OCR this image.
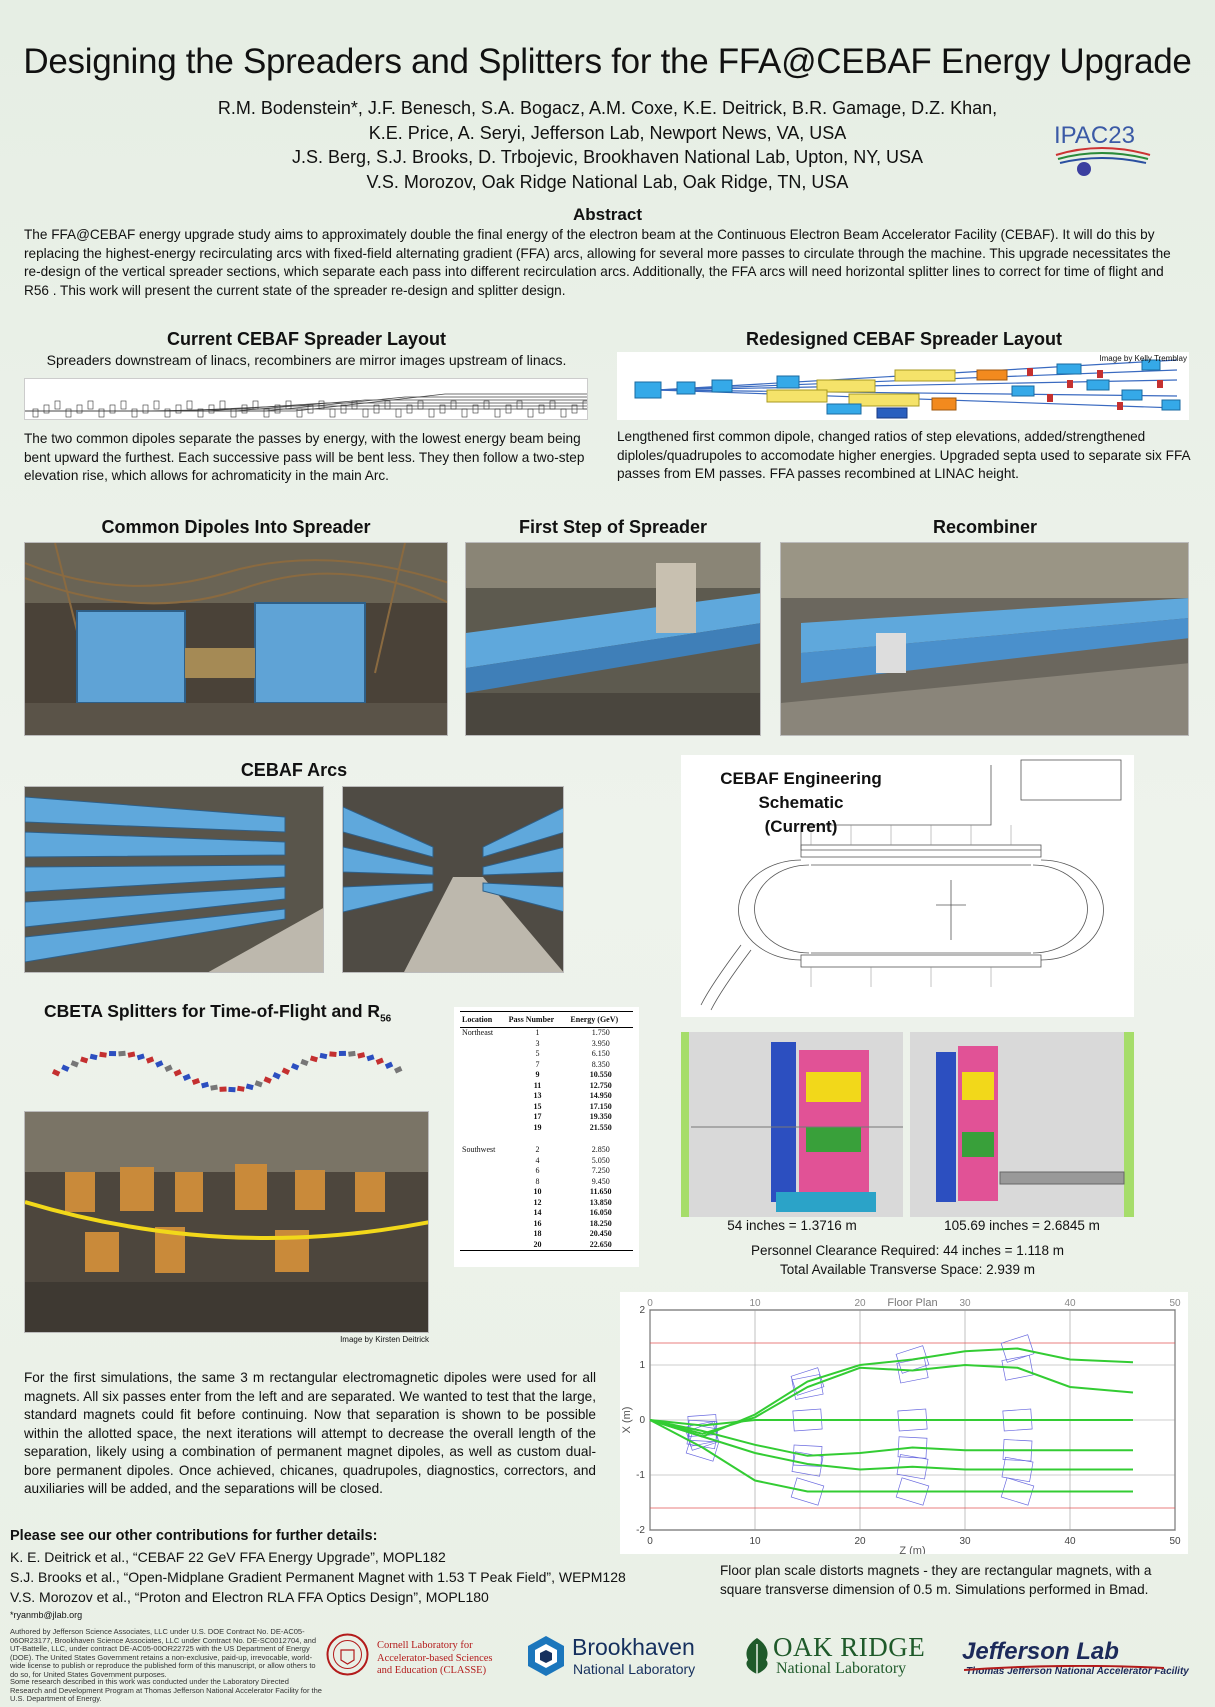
Designing the Spreaders and Splitters for the FFA@CEBAF Energy Upgrade
R.M. Bodenstein*, J.F. Benesch, S.A. Bogacz, A.M. Coxe, K.E. Deitrick, B.R. Gamage, D.Z. Khan,
K.E. Price, A. Seryi, Jefferson Lab, Newport News, VA, USA
J.S. Berg, S.J. Brooks, D. Trbojevic, Brookhaven National Lab, Upton, NY, USA
V.S. Morozov, Oak Ridge National Lab, Oak Ridge, TN, USA
IPAC23
Abstract
The FFA@CEBAF energy upgrade study aims to approximately double the final energy of the electron beam at the Continuous Electron Beam Accelerator Facility (CEBAF). It will do this by replacing the highest-energy recirculating arcs with fixed-field alternating gradient (FFA) arcs, allowing for several more passes to circulate through the machine. This upgrade necessitates the re-design of the vertical spreader sections, which separate each pass into different recirculation arcs. Additionally, the FFA arcs will need horizontal splitter lines to correct for time of flight and R56 . This work will present the current state of the spreader re-design and splitter design.
Current CEBAF Spreader Layout
Spreaders downstream of linacs, recombiners are mirror images upstream of linacs.
The two common dipoles separate the passes by energy, with the lowest energy beam being bent upward the furthest. Each successive pass will be bent less. They then follow a two-step elevation rise, which allows for achromaticity in the main Arc.
Redesigned CEBAF Spreader Layout
Image by Kelly Tremblay
Lengthened first common dipole, changed ratios of step elevations, added/strengthened diploles/quadrupoles to accomodate higher energies. Upgraded septa used to separate six FFA passes from EM passes. FFA passes recombined at LINAC height.
Common Dipoles Into Spreader	First Step of Spreader	Recombiner
CEBAF Arcs	CEBAF Engineering Schematic
(Current)
CBETA Splitters for Time-of-Flight and $R_{56}$
Image by Kirsten Deitrick
Location	Pass Number	Energy (GeV)
Northeast	1	1.750
	3	3.950
	5	6.150
	7	8.350
	9	10.550
	11	12.750
	13	14.950
	15	17.150
	17	19.350
	19	21.550

Southwest	2	2.850
	4	5.050
	6	7.250
	8	9.450
	10	11.650
	12	13.850
	14	16.050
	16	18.250
	18	20.450
	20	22.650
54 inches = 1.3716 m	105.69 inches = 2.6845 m
Personnel Clearance Required: 44 inches = 1.118 m
Total Available Transverse Space: 2.939 m
For the first simulations, the same 3 m rectangular electromagnetic dipoles were used for all magnets. All six passes enter from the left and are separated. We wanted to test that the large, standard magnets could fit before continuing. Now that separation is shown to be possible within the allotted space, the next iterations will attempt to decrease the overall length of the separation, likely using a combination of permanent magnet dipoles, as well as custom dual-bore permanent dipoles. Once achieved, chicanes, quadrupoles, diagnostics, correctors, and auxiliaries will be added, and the separations will be closed.
0
0
10
10
20
20
30
30
40
40
50
50
-2
-1
0
1
2
Floor Plan
Z (m)
X (m)
Floor plan scale distorts magnets - they are rectangular magnets, with a square transverse dimension of 0.5 m. Simulations performed in Bmad.
Please see our other contributions for further details:
K. E. Deitrick et al., “CEBAF 22 GeV FFA Energy Upgrade”, MOPL182
S.J. Brooks et al., “Open-Midplane Gradient Permanent Magnet with 1.53 T Peak Field”, WEPM128
V.S. Morozov et al., “Proton and Electron RLA FFA Optics Design”, MOPL180
*ryanmb@jlab.org
Authored by Jefferson Science Associates, LLC under U.S. DOE Contract No. DE-AC05-06OR23177, Brookhaven Science Associates, LLC under Contract No. DE-SC0012704, and UT-Battelle, LLC, under contract DE-AC05-00OR22725 with the US Department of Energy (DOE). The United States Government retains a non-exclusive, paid-up, irrevocable, world-wide license to publish or reproduce the published form of this manuscript, or allow others to do so, for United States Government purposes.
Some research described in this work was conducted under the Laboratory Directed Research and Development Program at Thomas Jefferson National Accelerator Facility for the U.S. Department of Energy.
Cornell Laboratory for
Accelerator-based Sciences
and Education (CLASSE)
Brookhaven
National Laboratory
OAK RIDGE
National Laboratory
Jefferson Lab
Thomas Jefferson National Accelerator Facility
